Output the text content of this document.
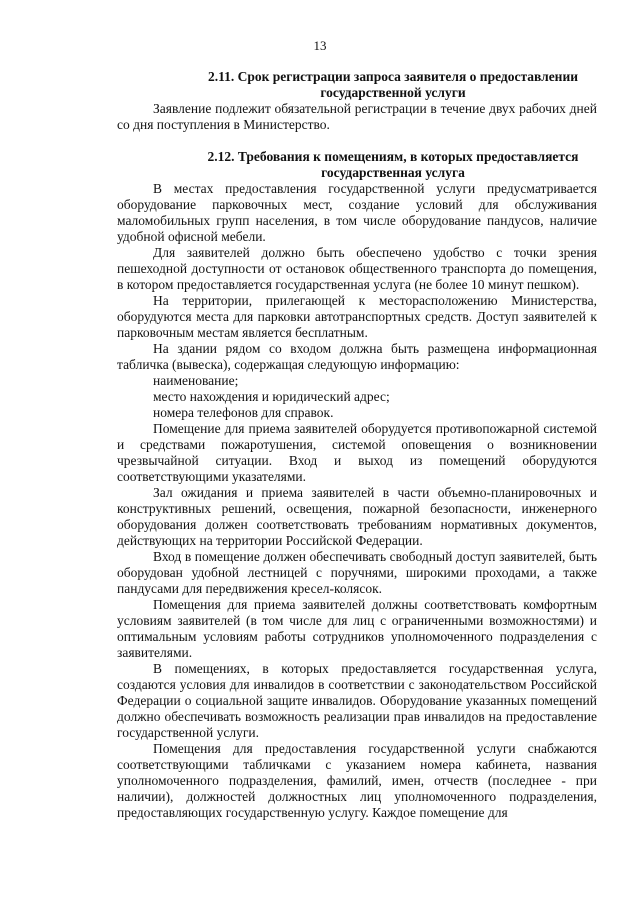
13
2.11. Срок регистрации запроса заявителя о предоставлении
государственной услуги

Заявление подлежит обязательной регистрации в течение двух рабочих дней со дня поступления в Министерство.

2.12. Требования к помещениям, в которых предоставляется
государственная услуга

В местах предоставления государственной услуги предусматривается оборудование парковочных мест, создание условий для обслуживания маломобильных групп населения, в том числе оборудование пандусов, наличие удобной офисной мебели.

Для заявителей должно быть обеспечено удобство с точки зрения пешеходной доступности от остановок общественного транспорта до помещения, в котором предоставляется государственная услуга (не более 10 минут пешком).

На территории, прилегающей к месторасположению Министерства, оборудуются места для парковки автотранспортных средств. Доступ заявителей к парковочным местам является бесплатным.

На здании рядом со входом должна быть размещена информационная табличка (вывеска), содержащая следующую информацию:

наименование;

место нахождения и юридический адрес;

номера телефонов для справок.

Помещение для приема заявителей оборудуется противопожарной системой и средствами пожаротушения, системой оповещения о возникновении чрезвычайной ситуации. Вход и выход из помещений оборудуются соответствующими указателями.

Зал ожидания и приема заявителей в части объемно-планировочных и конструктивных решений, освещения, пожарной безопасности, инженерного оборудования должен соответствовать требованиям нормативных документов, действующих на территории Российской Федерации.

Вход в помещение должен обеспечивать свободный доступ заявителей, быть оборудован удобной лестницей с поручнями, широкими проходами, а также пандусами для передвижения кресел-колясок.

Помещения для приема заявителей должны соответствовать комфортным условиям заявителей (в том числе для лиц с ограниченными возможностями) и оптимальным условиям работы сотрудников уполномоченного подразделения с заявителями.

В помещениях, в которых предоставляется государственная услуга, создаются условия для инвалидов в соответствии с законодательством Российской Федерации о социальной защите инвалидов. Оборудование указанных помещений должно обеспечивать возможность реализации прав инвалидов на предоставление государственной услуги.

Помещения для предоставления государственной услуги снабжаются соответствующими табличками с указанием номера кабинета, названия уполномоченного подразделения, фамилий, имен, отчеств (последнее - при наличии), должностей должностных лиц уполномоченного подразделения, предоставляющих государственную услугу. Каждое помещение для
